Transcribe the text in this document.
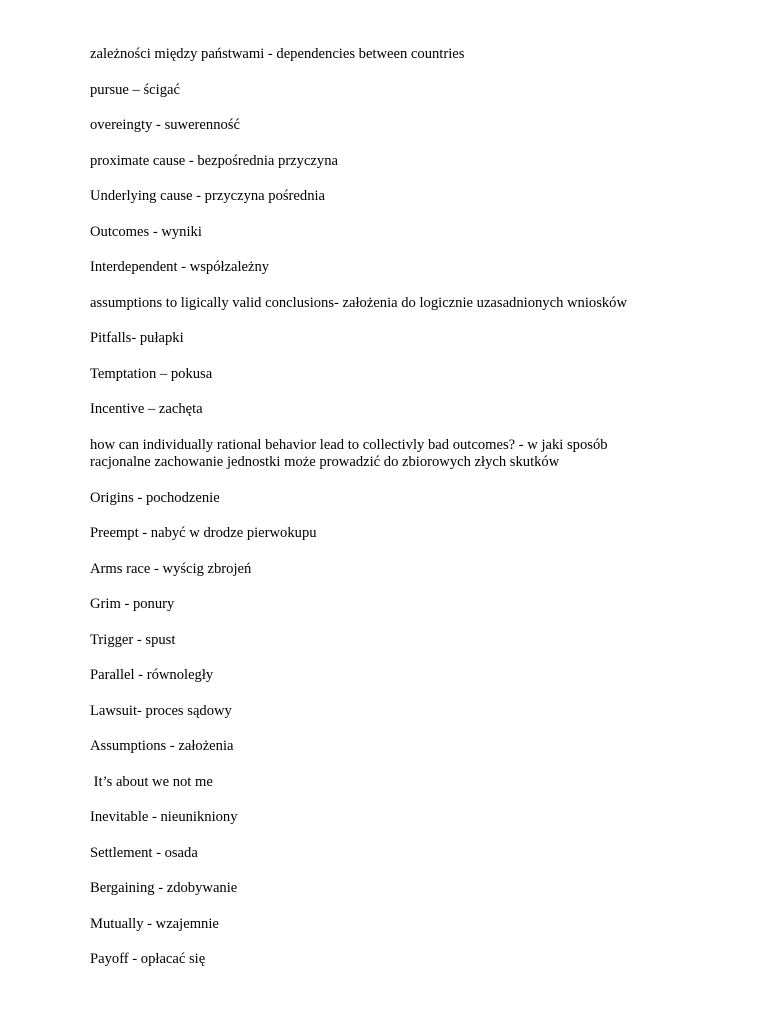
zależności między państwami - dependencies between countries

pursue – ścigać

overeingty - suwerenność

proximate cause - bezpośrednia przyczyna

Underlying cause - przyczyna pośrednia

Outcomes - wyniki

Interdependent - współzależny

assumptions to ligically valid conclusions- założenia do logicznie uzasadnionych wniosków

Pitfalls- pułapki

Temptation – pokusa

Incentive – zachęta

how can individually rational behavior lead to collectivly bad outcomes? - w jaki sposób racjonalne zachowanie jednostki może prowadzić do zbiorowych złych skutków

Origins - pochodzenie

Preempt - nabyć w drodze pierwokupu

Arms race - wyścig zbrojeń

Grim - ponury

Trigger - spust

Parallel - równoległy

Lawsuit- proces sądowy

Assumptions - założenia

It’s about we not me

Inevitable - nieunikniony

Settlement - osada

Bergaining - zdobywanie

Mutually - wzajemnie

Payoff - opłacać się
